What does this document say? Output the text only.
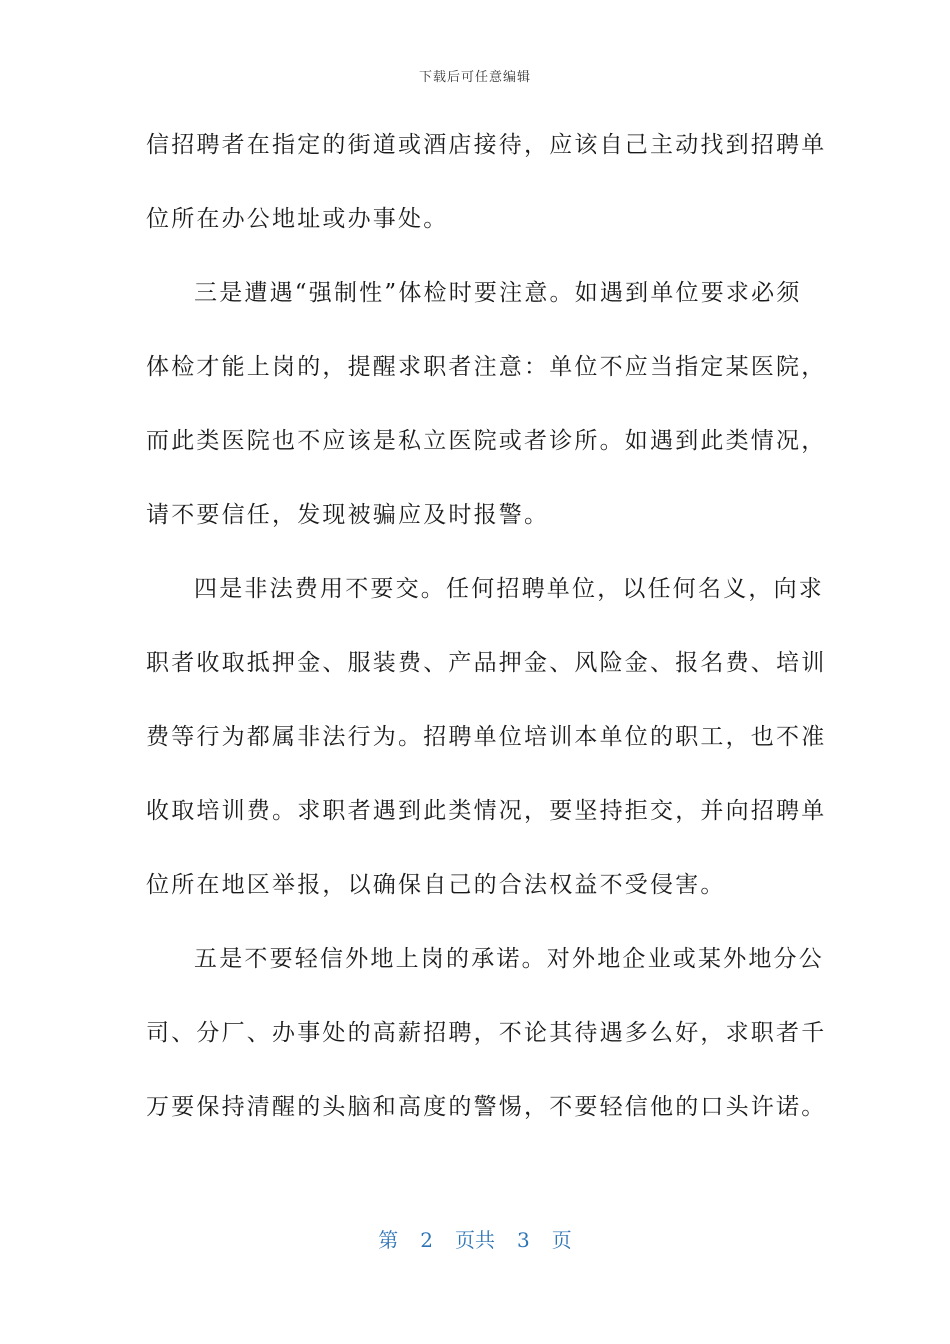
下载后可任意编辑
信招聘者在指定的街道或酒店接待，应该自己主动找到招聘单
位所在办公地址或办事处。
三是遭遇“强制性”体检时要注意。如遇到单位要求必须
体检才能上岗的，提醒求职者注意：单位不应当指定某医院，
而此类医院也不应该是私立医院或者诊所。如遇到此类情况，
请不要信任，发现被骗应及时报警。
四是非法费用不要交。任何招聘单位，以任何名义，向求
职者收取抵押金、服装费、产品押金、风险金、报名费、培训
费等行为都属非法行为。招聘单位培训本单位的职工，也不准
收取培训费。求职者遇到此类情况，要坚持拒交，并向招聘单
位所在地区举报，以确保自己的合法权益不受侵害。
五是不要轻信外地上岗的承诺。对外地企业或某外地分公
司、分厂、办事处的高薪招聘，不论其待遇多么好，求职者千
万要保持清醒的头脑和高度的警惕，不要轻信他的口头许诺。
第 2 页共 3 页
